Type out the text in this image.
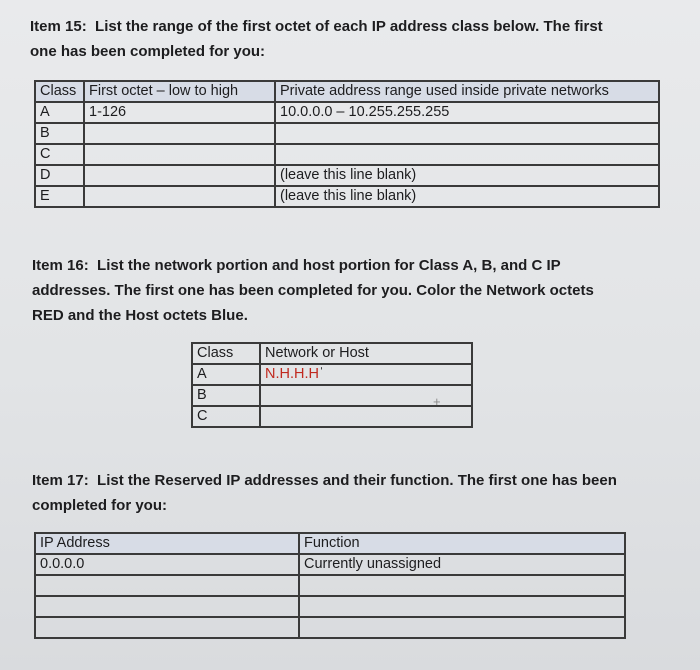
Item 15: List the range of the first octet of each IP address class below. The first
one has been completed for you:

Class	First octet – low to high	Private address range used inside private networks
A	1-126	10.0.0.0 – 10.255.255.255
B		
C		
D		(leave this line blank)
E		(leave this line blank)

Item 16: List the network portion and host portion for Class A, B, and C IP
addresses. The first one has been completed for you. Color the Network octets
RED and the Host octets Blue.

Class	Network or Host
A	N.H.H.Hˈ
B	
C	
+

Item 17: List the Reserved IP addresses and their function. The first one has been
completed for you:

IP Address	Function
0.0.0.0	Currently unassigned
